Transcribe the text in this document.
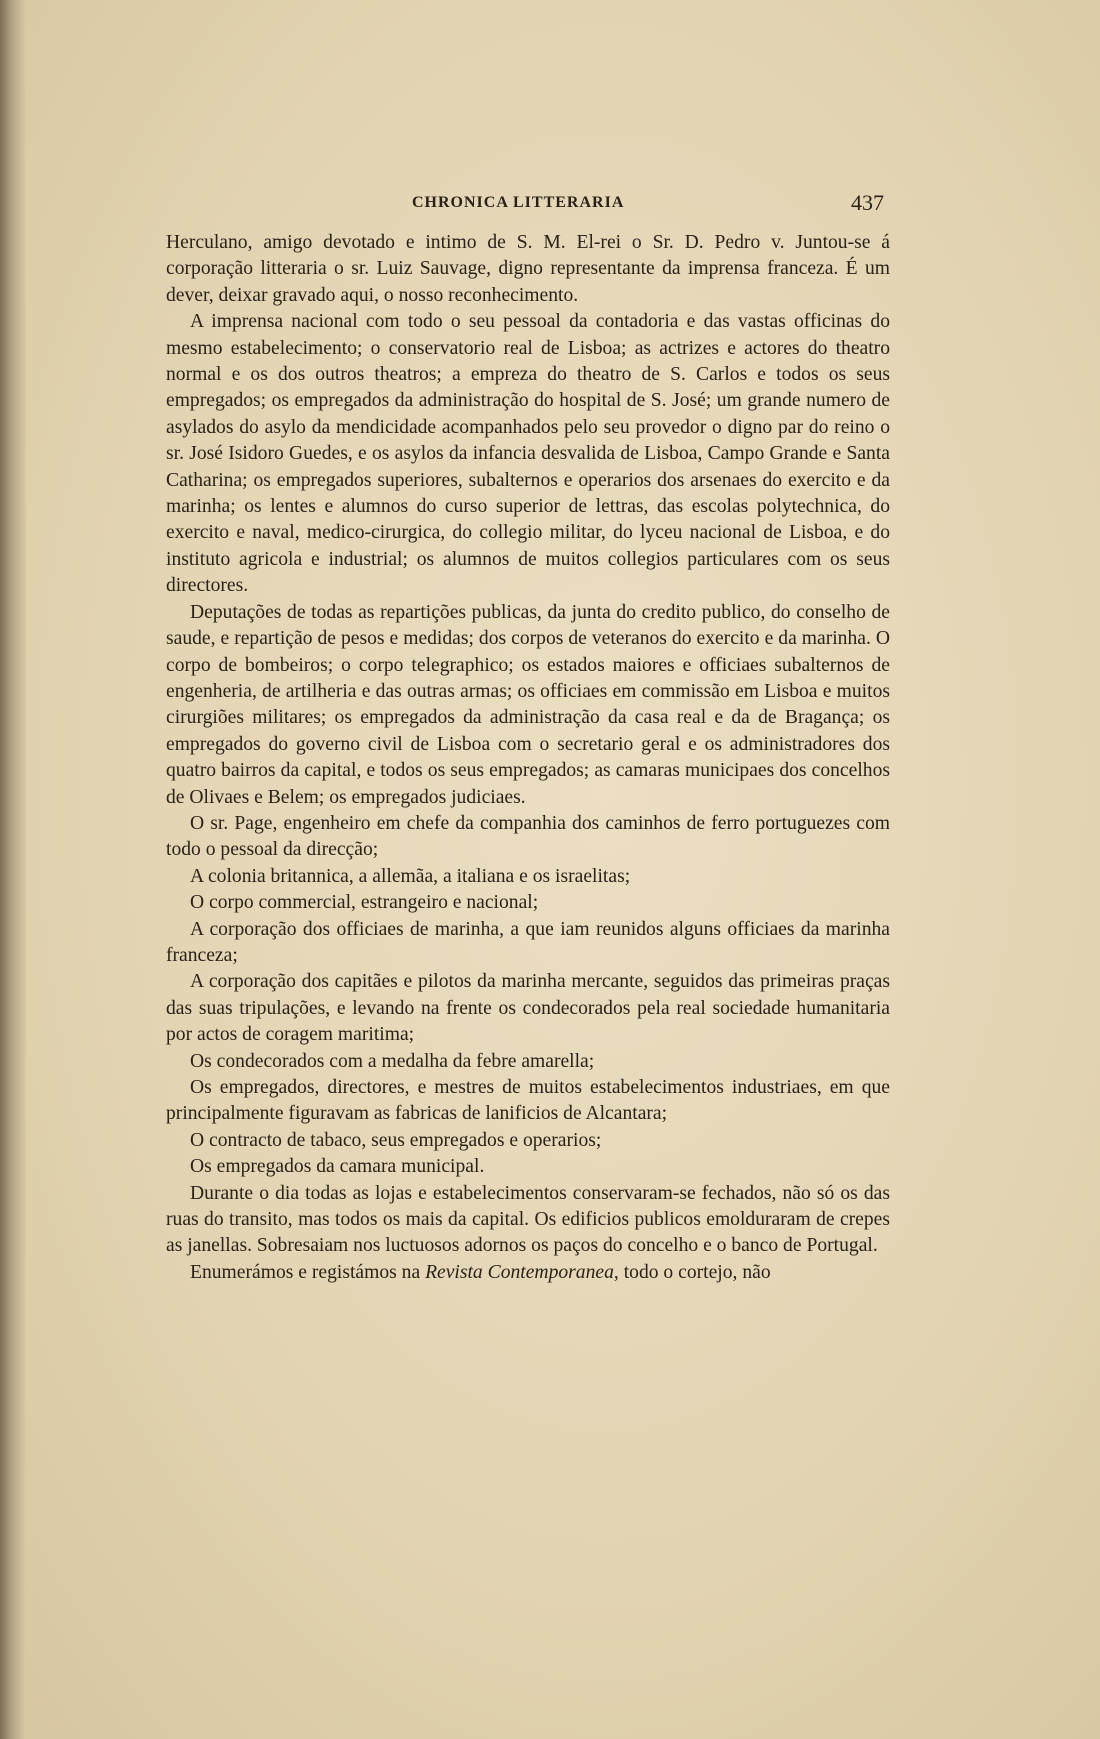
CHRONICA LITTERARIA	437

Herculano, amigo devotado e intimo de S. M. El-rei o Sr. D. Pedro v. Juntou-se á corporação litteraria o sr. Luiz Sauvage, digno representante da imprensa franceza. É um dever, deixar gravado aqui, o nosso reconhecimento.

A imprensa nacional com todo o seu pessoal da contadoria e das vastas officinas do mesmo estabelecimento; o conservatorio real de Lisboa; as actrizes e actores do theatro normal e os dos outros theatros; a empreza do theatro de S. Carlos e todos os seus empregados; os empregados da administração do hospital de S. José; um grande numero de asylados do asylo da mendicidade acompanhados pelo seu provedor o digno par do reino o sr. José Isidoro Guedes, e os asylos da infancia desvalida de Lisboa, Campo Grande e Santa Catharina; os empregados superiores, subalternos e operarios dos arsenaes do exercito e da marinha; os lentes e alumnos do curso superior de lettras, das escolas polytechnica, do exercito e naval, medico-cirurgica, do collegio militar, do lyceu nacional de Lisboa, e do instituto agricola e industrial; os alumnos de muitos collegios particulares com os seus directores.

Deputações de todas as repartições publicas, da junta do credito publico, do conselho de saude, e repartição de pesos e medidas; dos corpos de veteranos do exercito e da marinha. O corpo de bombeiros; o corpo telegraphico; os estados maiores e officiaes subalternos de engenheria, de artilheria e das outras armas; os officiaes em commissão em Lisboa e muitos cirurgiões militares; os empregados da administração da casa real e da de Bragança; os empregados do governo civil de Lisboa com o secretario geral e os administradores dos quatro bairros da capital, e todos os seus empregados; as camaras municipaes dos concelhos de Olivaes e Belem; os empregados judiciaes.

O sr. Page, engenheiro em chefe da companhia dos caminhos de ferro portuguezes com todo o pessoal da direcção;

A colonia britannica, a allemãa, a italiana e os israelitas;

O corpo commercial, estrangeiro e nacional;

A corporação dos officiaes de marinha, a que iam reunidos alguns officiaes da marinha franceza;

A corporação dos capitães e pilotos da marinha mercante, seguidos das primeiras praças das suas tripulações, e levando na frente os condecorados pela real sociedade humanitaria por actos de coragem maritima;

Os condecorados com a medalha da febre amarella;

Os empregados, directores, e mestres de muitos estabelecimentos industriaes, em que principalmente figuravam as fabricas de lanificios de Alcantara;

O contracto de tabaco, seus empregados e operarios;

Os empregados da camara municipal.

Durante o dia todas as lojas e estabelecimentos conservaram-se fechados, não só os das ruas do transito, mas todos os mais da capital. Os edificios publicos emolduraram de crepes as janellas. Sobresaiam nos luctuosos adornos os paços do concelho e o banco de Portugal.

Enumerámos e registámos na Revista Contemporanea, todo o cortejo, não
